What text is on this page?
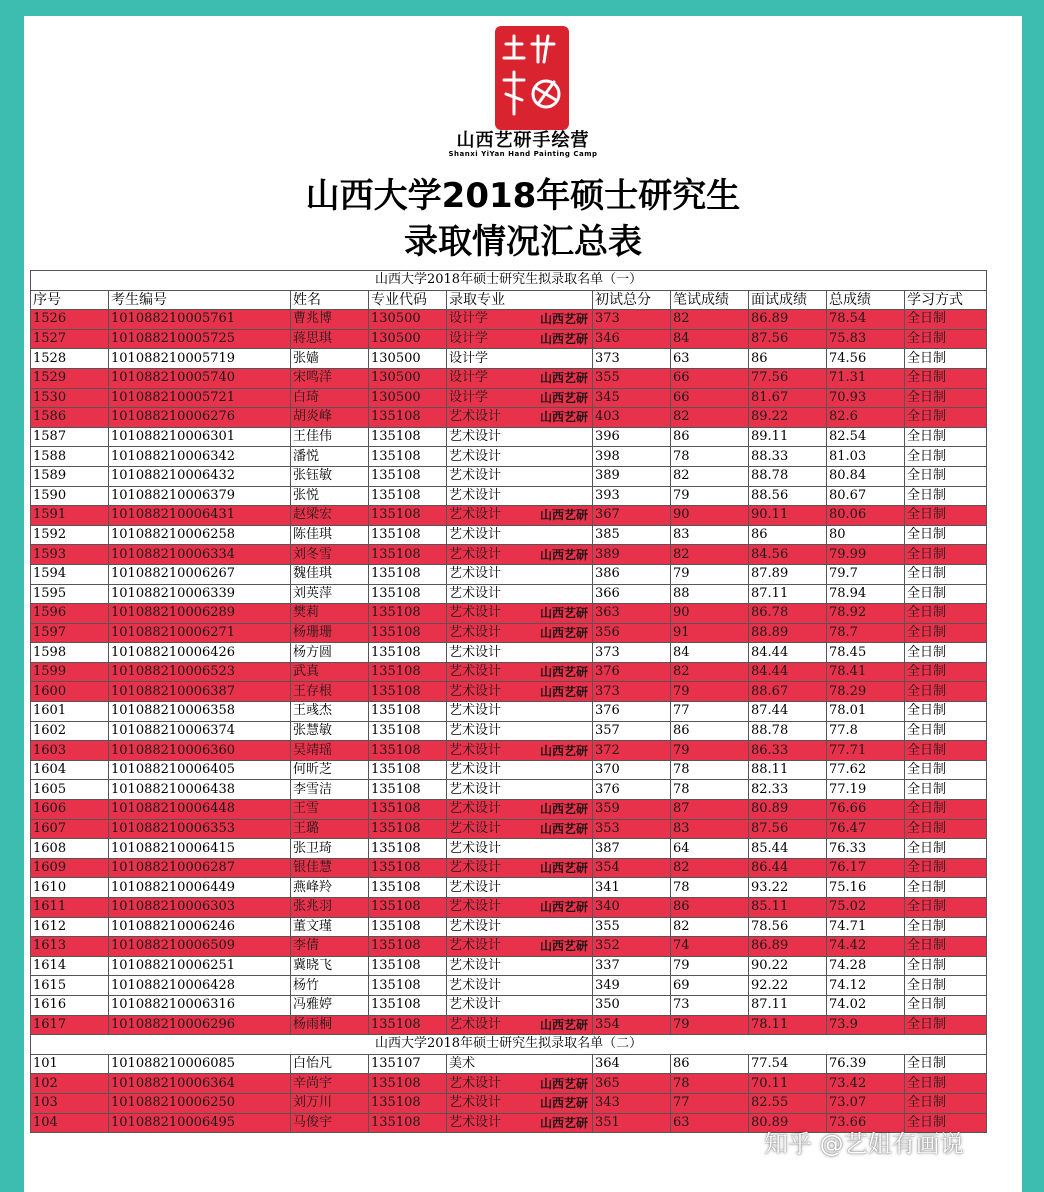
山西艺研手绘营
Shanxi YiYan Hand Painting Camp
山西大学2018年硕士研究生
录取情况汇总表
山西大学2018年硕士研究生拟录取名单（一）									
序号	考生编号	姓名	专业代码	录取专业	初试总分	笔试成绩	面试成绩	总成绩	学习方式
1526	101088210005761	曹兆博	130500	设计学 山西艺研	373	82	86.89	78.54	全日制
1527	101088210005725	蒋思琪	130500	设计学 山西艺研	346	84	87.56	75.83	全日制
1528	101088210005719	张嫱	130500	设计学	373	63	86	74.56	全日制
1529	101088210005740	宋鸣洋	130500	设计学 山西艺研	355	66	77.56	71.31	全日制
1530	101088210005721	白琦	130500	设计学 山西艺研	345	66	81.67	70.93	全日制
1586	101088210006276	胡炎峰	135108	艺术设计 山西艺研	403	82	89.22	82.6	全日制
1587	101088210006301	王佳伟	135108	艺术设计	396	86	89.11	82.54	全日制
1588	101088210006342	潘悦	135108	艺术设计	398	78	88.33	81.03	全日制
1589	101088210006432	张钰敏	135108	艺术设计	389	82	88.78	80.84	全日制
1590	101088210006379	张悦	135108	艺术设计	393	79	88.56	80.67	全日制
1591	101088210006431	赵梁宏	135108	艺术设计 山西艺研	367	90	90.11	80.06	全日制
1592	101088210006258	陈佳琪	135108	艺术设计	385	83	86	80	全日制
1593	101088210006334	刘冬雪	135108	艺术设计 山西艺研	389	82	84.56	79.99	全日制
1594	101088210006267	魏佳琪	135108	艺术设计	386	79	87.89	79.7	全日制
1595	101088210006339	刘英萍	135108	艺术设计	366	88	87.11	78.94	全日制
1596	101088210006289	樊莉	135108	艺术设计 山西艺研	363	90	86.78	78.92	全日制
1597	101088210006271	杨珊珊	135108	艺术设计 山西艺研	356	91	88.89	78.7	全日制
1598	101088210006426	杨方圆	135108	艺术设计	373	84	84.44	78.45	全日制
1599	101088210006523	武真	135108	艺术设计 山西艺研	376	82	84.44	78.41	全日制
1600	101088210006387	王存根	135108	艺术设计 山西艺研	373	79	88.67	78.29	全日制
1601	101088210006358	王彧杰	135108	艺术设计	376	77	87.44	78.01	全日制
1602	101088210006374	张慧敏	135108	艺术设计	357	86	88.78	77.8	全日制
1603	101088210006360	吴靖瑶	135108	艺术设计 山西艺研	372	79	86.33	77.71	全日制
1604	101088210006405	何昕芝	135108	艺术设计	370	78	88.11	77.62	全日制
1605	101088210006438	李雪洁	135108	艺术设计	376	78	82.33	77.19	全日制
1606	101088210006448	王雪	135108	艺术设计 山西艺研	359	87	80.89	76.66	全日制
1607	101088210006353	王璐	135108	艺术设计 山西艺研	353	83	87.56	76.47	全日制
1608	101088210006415	张卫琦	135108	艺术设计	387	64	85.44	76.33	全日制
1609	101088210006287	银佳慧	135108	艺术设计 山西艺研	354	82	86.44	76.17	全日制
1610	101088210006449	燕峰羚	135108	艺术设计	341	78	93.22	75.16	全日制
1611	101088210006303	张兆羽	135108	艺术设计 山西艺研	340	86	85.11	75.02	全日制
1612	101088210006246	董文瑾	135108	艺术设计	355	82	78.56	74.71	全日制
1613	101088210006509	李倩	135108	艺术设计 山西艺研	352	74	86.89	74.42	全日制
1614	101088210006251	冀晓飞	135108	艺术设计	337	79	90.22	74.28	全日制
1615	101088210006428	杨竹	135108	艺术设计	349	69	92.22	74.12	全日制
1616	101088210006316	冯雅婷	135108	艺术设计	350	73	87.11	74.02	全日制
1617	101088210006296	杨雨桐	135108	艺术设计 山西艺研	354	79	78.11	73.9	全日制
山西大学2018年硕士研究生拟录取名单（二）									
101	101088210006085	白怡凡	135107	美术	364	86	77.54	76.39	全日制
102	101088210006364	辛尚宇	135108	艺术设计 山西艺研	365	78	70.11	73.42	全日制
103	101088210006250	刘万川	135108	艺术设计 山西艺研	343	77	82.55	73.07	全日制
104	101088210006495	马俊宇	135108	艺术设计 山西艺研	351	63	80.89	73.66	全日制
知乎 @艺姐有画说
